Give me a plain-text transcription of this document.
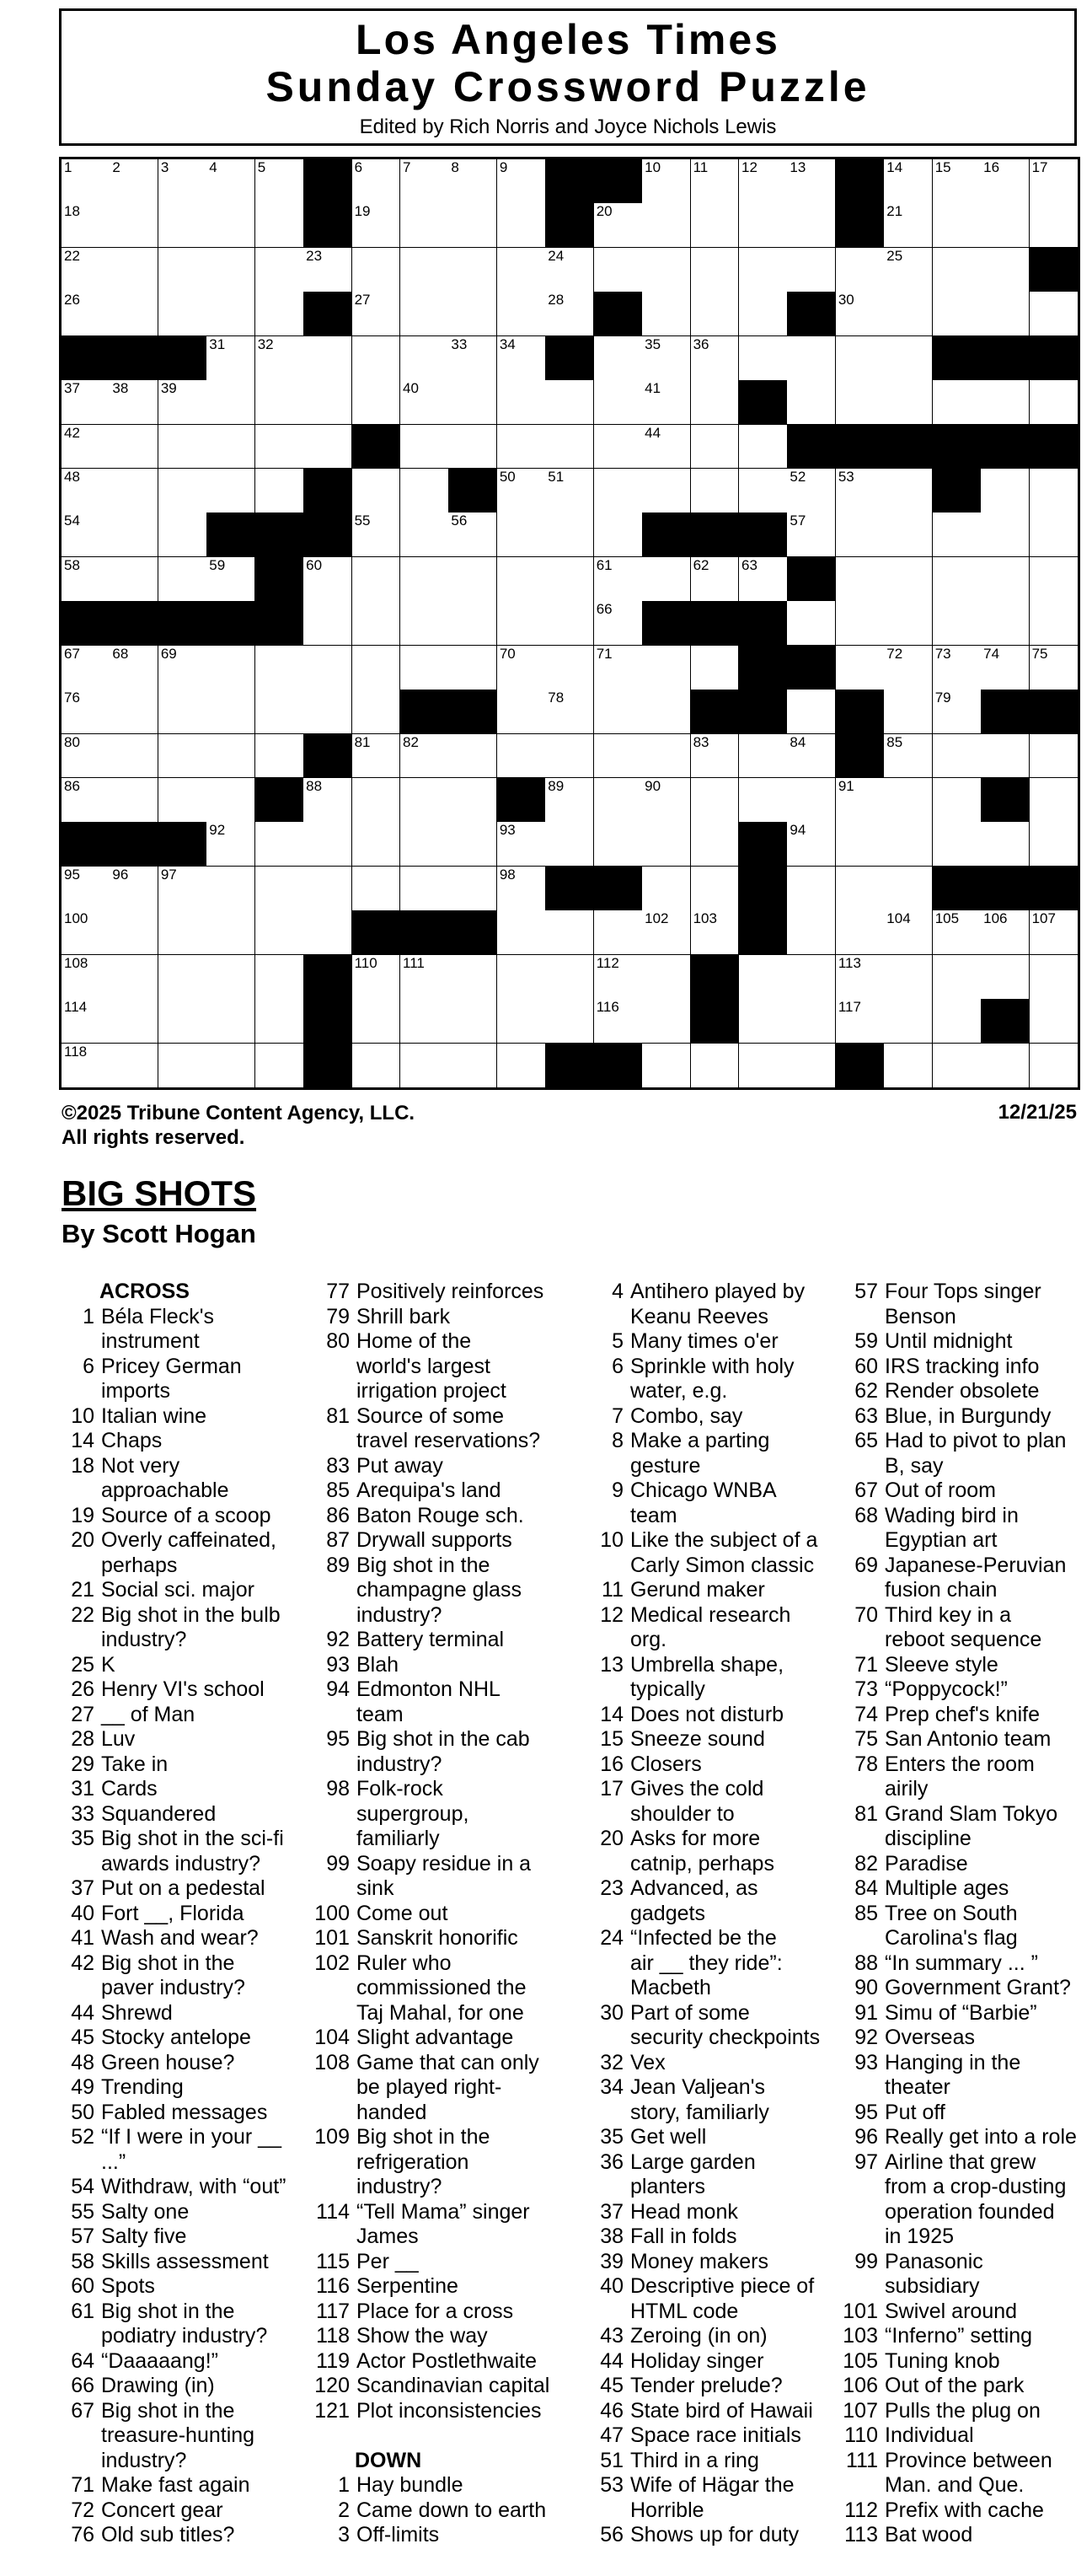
Los Angeles Times
Sunday Crossword Puzzle
Edited by Rich Norris and Joyce Nichols Lewis
1	2	3	4	5	6	7	8	9	10 11 12 13	14 15 16 17
18	19	20	21
22	23	24	25
26	27	28	30
31 32	33 34	35 36
37 38 39	40	41
42	44
48	50 51	52 53
54	55	56	57
58	59	60	61	62 63
66
67 68 69	70	71	72 73 74 75
76	78	79
80	81 82	83	84	85
86	88	89	90	91
92	93	94
95 96 97	98
100	102 103	104 105 106 107
108	110 111	112	113
114	116	117
118
©2025 Tribune Content Agency, LLC.
All rights reserved.
12/21/25
BIG SHOTS
By Scott Hogan
ACROSS
1 Béla Fleck's
instrument
6 Pricey German
imports
10 Italian wine
14 Chaps
18 Not very
approachable
19 Source of a scoop
20 Overly caffeinated,
perhaps
21 Social sci. major
22 Big shot in the bulb
industry?
25 K
26 Henry VI's school
27 __ of Man
28 Luv
29 Take in
31 Cards
33 Squandered
35 Big shot in the sci-fi
awards industry?
37 Put on a pedestal
40 Fort __, Florida
41 Wash and wear?
42 Big shot in the
paver industry?
44 Shrewd
45 Stocky antelope
48 Green house?
49 Trending
50 Fabled messages
52 “If I were in your __
...”
54 Withdraw, with “out”
55 Salty one
57 Salty five
58 Skills assessment
60 Spots
61 Big shot in the
podiatry industry?
64 “Daaaaang!”
66 Drawing (in)
67 Big shot in the
treasure-hunting
industry?
71 Make fast again
72 Concert gear
76 Old sub titles?
77 Positively reinforces
79 Shrill bark
80 Home of the
world's largest
irrigation project
81 Source of some
travel reservations?
83 Put away
85 Arequipa's land
86 Baton Rouge sch.
87 Drywall supports
89 Big shot in the
champagne glass
industry?
92 Battery terminal
93 Blah
94 Edmonton NHL
team
95 Big shot in the cab
industry?
98 Folk-rock
supergroup,
familiarly
99 Soapy residue in a
sink
100 Come out
101 Sanskrit honorific
102 Ruler who
commissioned the
Taj Mahal, for one
104 Slight advantage
108 Game that can only
be played right-
handed
109 Big shot in the
refrigeration
industry?
114 “Tell Mama” singer
James
115 Per __
116 Serpentine
117 Place for a cross
118 Show the way
119 Actor Postlethwaite
120 Scandinavian capital
121 Plot inconsistencies

DOWN
1 Hay bundle
2 Came down to earth
3 Off-limits
4 Antihero played by
Keanu Reeves
5 Many times o'er
6 Sprinkle with holy
water, e.g.
7 Combo, say
8 Make a parting
gesture
9 Chicago WNBA
team
10 Like the subject of a
Carly Simon classic
11 Gerund maker
12 Medical research
org.
13 Umbrella shape,
typically
14 Does not disturb
15 Sneeze sound
16 Closers
17 Gives the cold
shoulder to
20 Asks for more
catnip, perhaps
23 Advanced, as
gadgets
24 “Infected be the
air __ they ride”:
Macbeth
30 Part of some
security checkpoints
32 Vex
34 Jean Valjean's
story, familiarly
35 Get well
36 Large garden
planters
37 Head monk
38 Fall in folds
39 Money makers
40 Descriptive piece of
HTML code
43 Zeroing (in on)
44 Holiday singer
45 Tender prelude?
46 State bird of Hawaii
47 Space race initials
51 Third in a ring
53 Wife of Hägar the
Horrible
56 Shows up for duty
57 Four Tops singer
Benson
59 Until midnight
60 IRS tracking info
62 Render obsolete
63 Blue, in Burgundy
65 Had to pivot to plan
B, say
67 Out of room
68 Wading bird in
Egyptian art
69 Japanese-Peruvian
fusion chain
70 Third key in a
reboot sequence
71 Sleeve style
73 “Poppycock!”
74 Prep chef's knife
75 San Antonio team
78 Enters the room
airily
81 Grand Slam Tokyo
discipline
82 Paradise
84 Multiple ages
85 Tree on South
Carolina's flag
88 “In summary ... ”
90 Government Grant?
91 Simu of “Barbie”
92 Overseas
93 Hanging in the
theater
95 Put off
96 Really get into a role
97 Airline that grew
from a crop-dusting
operation founded
in 1925
99 Panasonic
subsidiary
101 Swivel around
103 “Inferno” setting
105 Tuning knob
106 Out of the park
107 Pulls the plug on
110 Individual
111 Province between
Man. and Que.
112 Prefix with cache
113 Bat wood
